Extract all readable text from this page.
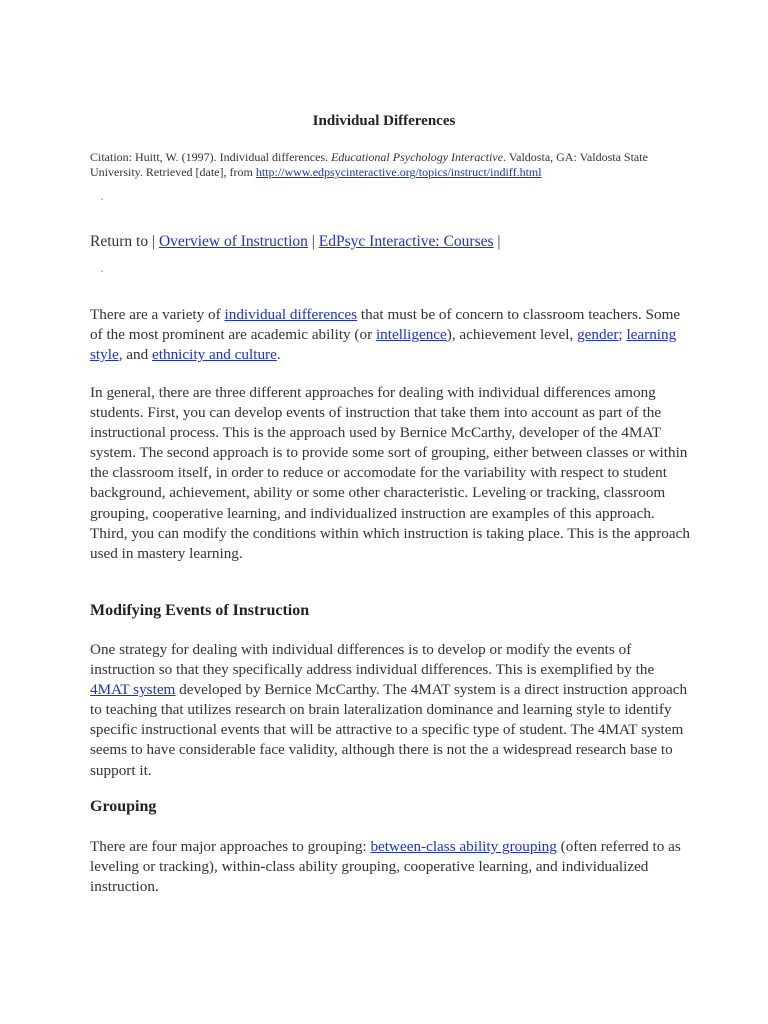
Individual Differences
Citation: Huitt, W. (1997). Individual differences. Educational Psychology Interactive. Valdosta, GA: Valdosta State University. Retrieved [date], from http://www.edpsycinteractive.org/topics/instruct/indiff.html
Return to | Overview of Instruction | EdPsyc Interactive: Courses |
There are a variety of individual differences that must be of concern to classroom teachers. Some of the most prominent are academic ability (or intelligence), achievement level, gender; learning style, and ethnicity and culture.
In general, there are three different approaches for dealing with individual differences among students. First, you can develop events of instruction that take them into account as part of the instructional process. This is the approach used by Bernice McCarthy, developer of the 4MAT system. The second approach is to provide some sort of grouping, either between classes or within the classroom itself, in order to reduce or accomodate for the variability with respect to student background, achievement, ability or some other characteristic. Leveling or tracking, classroom grouping, cooperative learning, and individualized instruction are examples of this approach. Third, you can modify the conditions within which instruction is taking place. This is the approach used in mastery learning.
Modifying Events of Instruction
One strategy for dealing with individual differences is to develop or modify the events of instruction so that they specifically address individual differences. This is exemplified by the 4MAT system developed by Bernice McCarthy. The 4MAT system is a direct instruction approach to teaching that utilizes research on brain lateralization dominance and learning style to identify specific instructional events that will be attractive to a specific type of student. The 4MAT system seems to have considerable face validity, although there is not the a widespread research base to support it.
Grouping
There are four major approaches to grouping: between-class ability grouping (often referred to as leveling or tracking), within-class ability grouping, cooperative learning, and individualized instruction.
